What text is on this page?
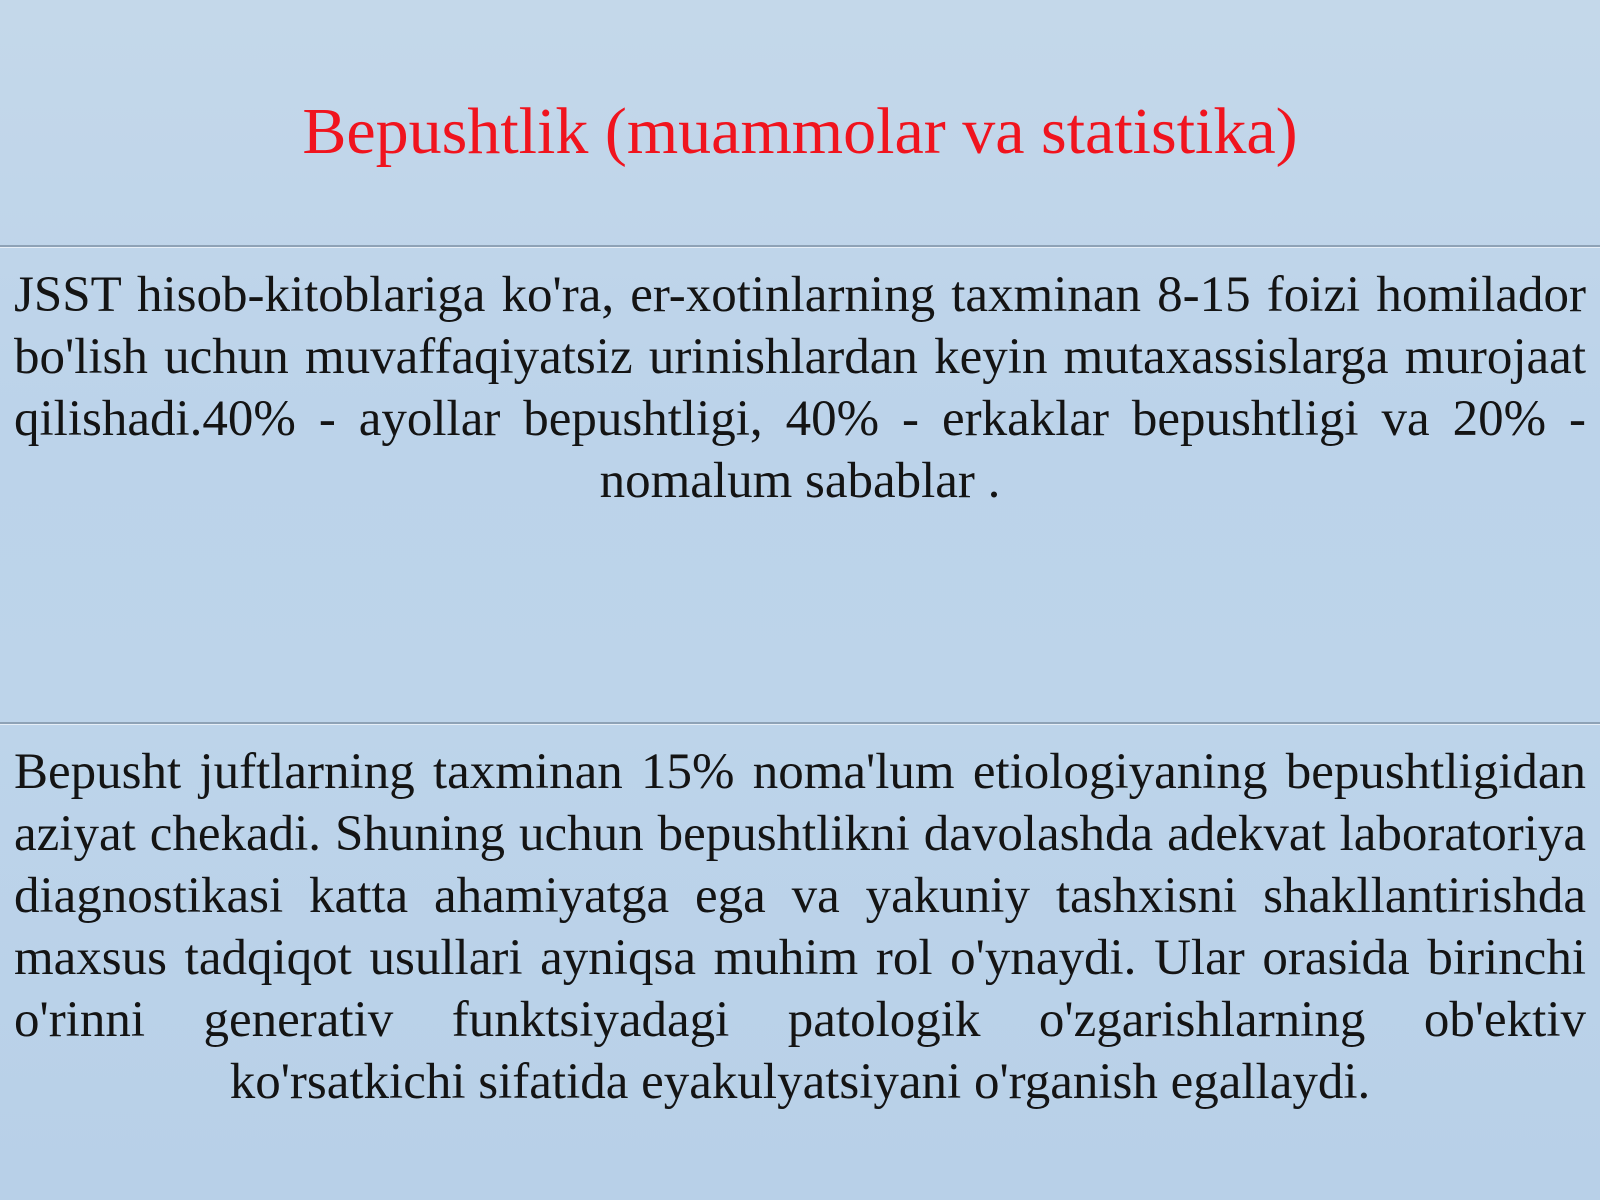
Bepushtlik (muammolar va statistika)
JSST hisob-kitoblariga ko'ra, er-xotinlarning taxminan 8-15 foizi homilador bo'lish uchun muvaffaqiyatsiz urinishlardan keyin mutaxassislarga murojaat qilishadi.40% - ayollar bepushtligi, 40% - erkaklar bepushtligi va 20% - nomalum sabablar .
Bepusht juftlarning taxminan 15% noma'lum etiologiyaning bepushtligidan aziyat chekadi. Shuning uchun bepushtlikni davolashda adekvat laboratoriya diagnostikasi katta ahamiyatga ega va yakuniy tashxisni shakllantirishda maxsus tadqiqot usullari ayniqsa muhim rol o'ynaydi. Ular orasida birinchi o'rinni generativ funktsiyadagi patologik o'zgarishlarning ob'ektiv ko'rsatkichi sifatida eyakulyatsiyani o'rganish egallaydi.
